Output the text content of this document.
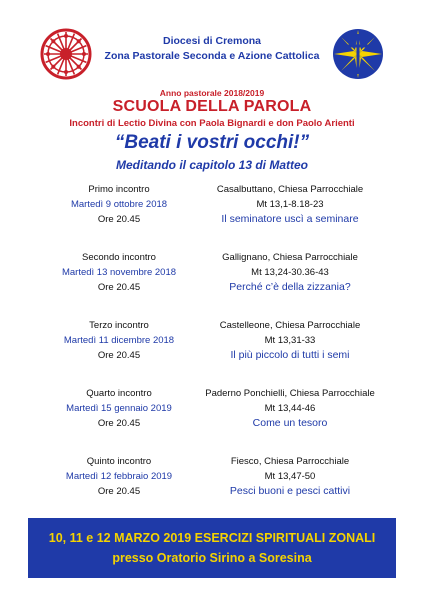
Diocesi di Cremona
Zona Pastorale Seconda e Azione Cattolica
Anno pastorale 2018/2019
SCUOLA DELLA PAROLA
Incontri di Lectio Divina con Paola Bignardi e don Paolo Arienti
“Beati i vostri occhi!”
Meditando il capitolo 13 di Matteo
Primo incontro
Martedì 9 ottobre 2018
Ore 20.45
Casalbuttano, Chiesa Parrocchiale
Mt 13,1-8.18-23
Il seminatore uscì a seminare
Secondo incontro
Martedì 13 novembre 2018
Ore 20.45
Gallignano, Chiesa Parrocchiale
Mt 13,24-30.36-43
Perché c’è della zizzania?
Terzo incontro
Martedì 11 dicembre 2018
Ore 20.45
Castelleone, Chiesa Parrocchiale
Mt 13,31-33
Il più piccolo di tutti i semi
Quarto incontro
Martedì 15 gennaio 2019
Ore 20.45
Paderno Ponchielli, Chiesa Parrocchiale
Mt 13,44-46
Come un tesoro
Quinto incontro
Martedì 12 febbraio 2019
Ore 20.45
Fiesco, Chiesa Parrocchiale
Mt 13,47-50
Pesci buoni e pesci cattivi
10, 11 e 12 MARZO 2019 ESERCIZI SPIRITUALI ZONALI
presso Oratorio Sirino a Soresina
